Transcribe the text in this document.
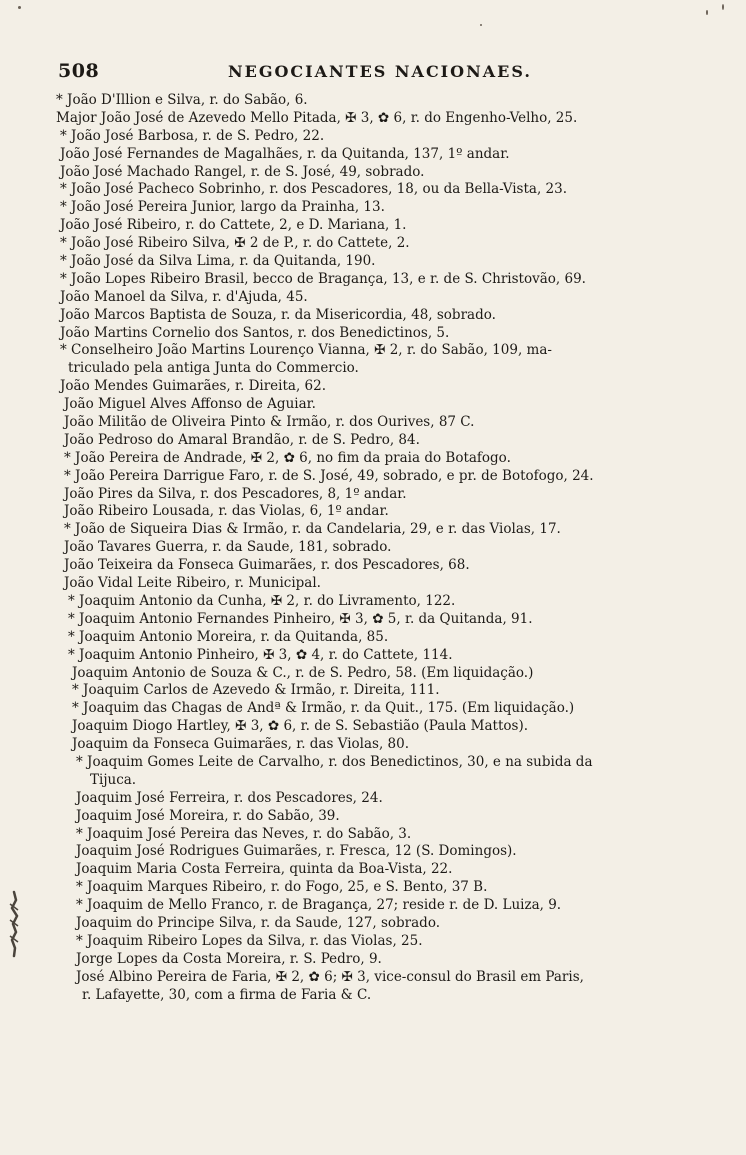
508	NEGOCIANTES NACIONAES.
* João D'Illion e Silva, r. do Sabão, 6.
Major João José de Azevedo Mello Pitada, ✠ 3, ✿ 6, r. do Engenho-Velho, 25.
* João José Barbosa, r. de S. Pedro, 22.
João José Fernandes de Magalhães, r. da Quitanda, 137, 1º andar.
João José Machado Rangel, r. de S. José, 49, sobrado.
* João José Pacheco Sobrinho, r. dos Pescadores, 18, ou da Bella-Vista, 23.
* João José Pereira Junior, largo da Prainha, 13.
João José Ribeiro, r. do Cattete, 2, e D. Mariana, 1.
* João José Ribeiro Silva, ✠ 2 de P., r. do Cattete, 2.
* João José da Silva Lima, r. da Quitanda, 190.
* João Lopes Ribeiro Brasil, becco de Bragança, 13, e r. de S. Christovão, 69.
João Manoel da Silva, r. d'Ajuda, 45.
João Marcos Baptista de Souza, r. da Misericordia, 48, sobrado.
João Martins Cornelio dos Santos, r. dos Benedictinos, 5.
* Conselheiro João Martins Lourenço Vianna, ✠ 2, r. do Sabão, 109, ma-
triculado pela antiga Junta do Commercio.
João Mendes Guimarães, r. Direita, 62.
João Miguel Alves Affonso de Aguiar.
João Militão de Oliveira Pinto & Irmão, r. dos Ourives, 87 C.
João Pedroso do Amaral Brandão, r. de S. Pedro, 84.
* João Pereira de Andrade, ✠ 2, ✿ 6, no fim da praia do Botafogo.
* João Pereira Darrigue Faro, r. de S. José, 49, sobrado, e pr. de Botofogo, 24.
João Pires da Silva, r. dos Pescadores, 8, 1º andar.
João Ribeiro Lousada, r. das Violas, 6, 1º andar.
* João de Siqueira Dias & Irmão, r. da Candelaria, 29, e r. das Violas, 17.
João Tavares Guerra, r. da Saude, 181, sobrado.
João Teixeira da Fonseca Guimarães, r. dos Pescadores, 68.
João Vidal Leite Ribeiro, r. Municipal.
* Joaquim Antonio da Cunha, ✠ 2, r. do Livramento, 122.
* Joaquim Antonio Fernandes Pinheiro, ✠ 3, ✿ 5, r. da Quitanda, 91.
* Joaquim Antonio Moreira, r. da Quitanda, 85.
* Joaquim Antonio Pinheiro, ✠ 3, ✿ 4, r. do Cattete, 114.
Joaquim Antonio de Souza & C., r. de S. Pedro, 58. (Em liquidação.)
* Joaquim Carlos de Azevedo & Irmão, r. Direita, 111.
* Joaquim das Chagas de Andª & Irmão, r. da Quit., 175. (Em liquidação.)
Joaquim Diogo Hartley, ✠ 3, ✿ 6, r. de S. Sebastião (Paula Mattos).
Joaquim da Fonseca Guimarães, r. das Violas, 80.
* Joaquim Gomes Leite de Carvalho, r. dos Benedictinos, 30, e na subida da
Tijuca.
Joaquim José Ferreira, r. dos Pescadores, 24.
Joaquim José Moreira, r. do Sabão, 39.
* Joaquim José Pereira das Neves, r. do Sabão, 3.
Joaquim José Rodrigues Guimarães, r. Fresca, 12 (S. Domingos).
Joaquim Maria Costa Ferreira, quinta da Boa-Vista, 22.
* Joaquim Marques Ribeiro, r. do Fogo, 25, e S. Bento, 37 B.
* Joaquim de Mello Franco, r. de Bragança, 27; reside r. de D. Luiza, 9.
Joaquim do Principe Silva, r. da Saude, 127, sobrado.
* Joaquim Ribeiro Lopes da Silva, r. das Violas, 25.
Jorge Lopes da Costa Moreira, r. S. Pedro, 9.
José Albino Pereira de Faria, ✠ 2, ✿ 6; ✠ 3, vice-consul do Brasil em Paris,
r. Lafayette, 30, com a firma de Faria & C.
